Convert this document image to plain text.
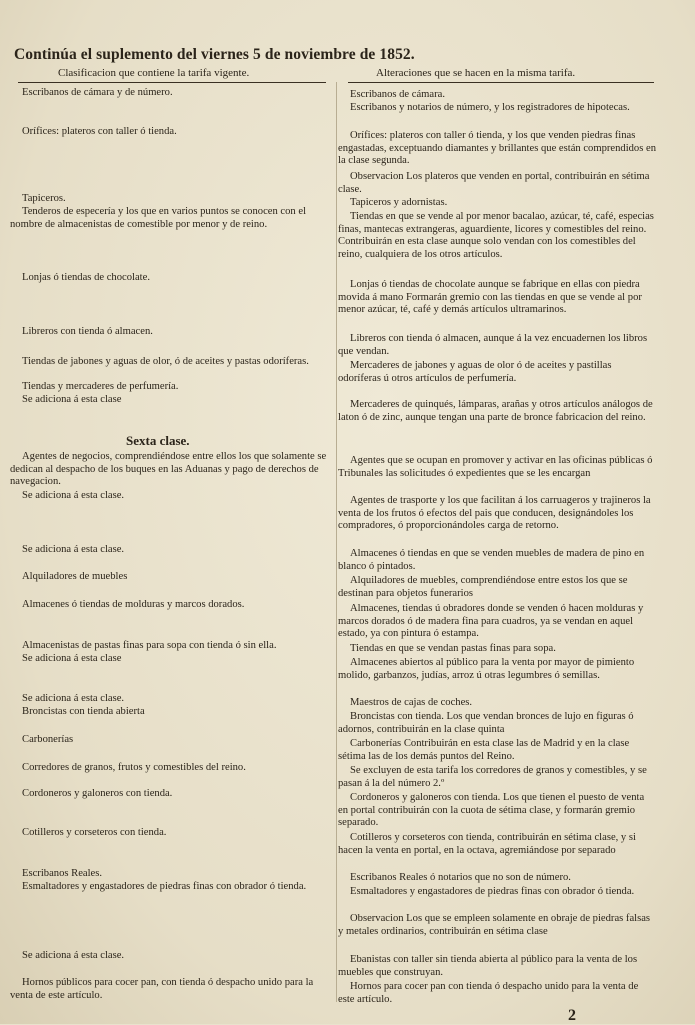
Continúa el suplemento del viernes 5 de noviembre de 1852.
Clasificacion que contiene la tarifa vigente.	Alteraciones que se hacen en la misma tarifa.

Escribanos de cámara y de número.

Orífices: plateros con taller ó tienda.

Tapiceros.

Tenderos de especería y los que en varios puntos se conocen con el nombre de almacenistas de comestible por menor y de reino.

Lonjas ó tiendas de chocolate.

Libreros con tienda ó almacen.

Tiendas de jabones y aguas de olor, ó de aceites y pastas odoríferas.

Tiendas y mercaderes de perfumería.

Se adiciona á esta clase

Agentes de negocios, comprendiéndose entre ellos los que solamente se dedican al despacho de los buques en las Aduanas y pago de derechos de navegacion.

Se adiciona á esta clase.

Se adiciona á esta clase.

Alquiladores de muebles

Almacenes ó tiendas de molduras y marcos dorados.

Almacenistas de pastas finas para sopa con tienda ó sin ella.

Se adiciona á esta clase

Se adiciona á esta clase.

Broncistas con tienda abierta

Carbonerías

Corredores de granos, frutos y comestibles del reino.

Cordoneros y galoneros con tienda.

Cotilleros y corseteros con tienda.

Escribanos Reales.

Esmaltadores y engastadores de piedras finas con obrador ó tienda.

Se adiciona á esta clase.

Hornos públicos para cocer pan, con tienda ó despacho unido para la venta de este artículo.

Sexta clase.

Escribanos de cámara.

Escribanos y notarios de número, y los registradores de hipotecas.

Orífices: plateros con taller ó tienda, y los que venden piedras finas engastadas, exceptuando diamantes y brillantes que están comprendidos en la clase segunda.

Observacion Los plateros que venden en portal, contribuirán en sétima clase.

Tapiceros y adornistas.

Tiendas en que se vende al por menor bacalao, azúcar, té, café, especias finas, mantecas extrangeras, aguardiente, licores y comestibles del reino. Contribuirán en esta clase aunque solo vendan con los comestibles del reino, cualquiera de los otros artículos.

Lonjas ó tiendas de chocolate aunque se fabrique en ellas con piedra movida á mano Formarán gremio con las tiendas en que se vende al por menor azúcar, té, café y demás artículos ultramarinos.

Libreros con tienda ó almacen, aunque á la vez encuadernen los libros que vendan.

Mercaderes de jabones y aguas de olor ó de aceites y pastillas odoríferas ú otros artículos de perfumería.

Mercaderes de quinqués, lámparas, arañas y otros artículos análogos de laton ó de zinc, aunque tengan una parte de bronce fabricacion del reino.

Agentes que se ocupan en promover y activar en las oficinas públicas ó Tribunales las solicitudes ó expedientes que se les encargan

Agentes de trasporte y los que facilitan á los carruageros y trajineros la venta de los frutos ó efectos del pais que conducen, designándoles los compradores, ó proporcionándoles carga de retorno.

Almacenes ó tiendas en que se venden muebles de madera de pino en blanco ó pintados.

Alquiladores de muebles, comprendiéndose entre estos los que se destinan para objetos funerarios

Almacenes, tiendas ú obradores donde se venden ó hacen molduras y marcos dorados ó de madera fina para cuadros, ya se vendan en aquel estado, ya con pintura ó estampa.

Tiendas en que se vendan pastas finas para sopa.

Almacenes abiertos al público para la venta por mayor de pimiento molido, garbanzos, judías, arroz ú otras legumbres ó semillas.

Maestros de cajas de coches.

Broncistas con tienda. Los que vendan bronces de lujo en figuras ó adornos, contribuirán en la clase quinta

Carbonerías Contribuirán en esta clase las de Madrid y en la clase sétima las de los demás puntos del Reino.

Se excluyen de esta tarifa los corredores de granos y comestibles, y se pasan á la del número 2.º

Cordoneros y galoneros con tienda. Los que tienen el puesto de venta en portal contribuirán con la cuota de sétima clase, y formarán gremio separado.

Cotilleros y corseteros con tienda, contribuirán en sétima clase, y si hacen la venta en portal, en la octava, agremiándose por separado

Escribanos Reales ó notarios que no son de número.

Esmaltadores y engastadores de piedras finas con obrador ó tienda.

Observacion Los que se empleen solamente en obraje de piedras falsas y metales ordinarios, contribuirán en sétima clase

Ebanistas con taller sin tienda abierta al público para la venta de los muebles que construyan.

Hornos para cocer pan con tienda ó despacho unido para la venta de este artículo.

2
